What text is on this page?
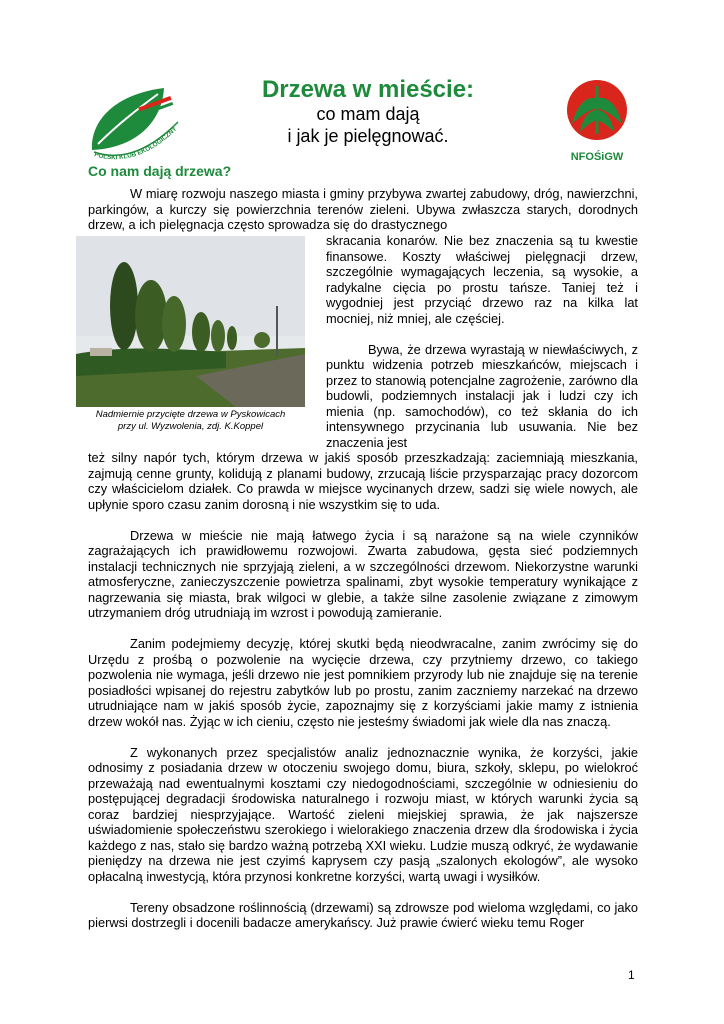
POLSKI KLUB EKOLOGICZNY
NFOŚiGW
Drzewa w mieście:
co mam dają
i jak je pielęgnować.
Co nam dają drzewa?

W miarę rozwoju naszego miasta i gminy przybywa zwartej zabudowy, dróg, nawierzchni, parkingów, a kurczy się powierzchnia terenów zieleni. Ubywa zwłaszcza starych, dorodnych drzew, a ich pielęgnacja często sprowadza się do drastycznego

Nadmiernie przycięte drzewa w Pyskowicach
przy ul. Wyzwolenia, zdj. K.Koppel

skracania konarów. Nie bez znaczenia są tu kwestie finansowe. Koszty właściwej pielęgnacji drzew, szczególnie wymagających leczenia, są wysokie, a radykalne cięcia po prostu tańsze. Taniej też i wygodniej jest przyciąć drzewo raz na kilka lat mocniej, niż mniej, ale częściej.

Bywa, że drzewa wyrastają w niewłaściwych, z punktu widzenia potrzeb mieszkańców, miejscach i przez to stanowią potencjalne zagrożenie, zarówno dla budowli, podziemnych instalacji jak i ludzi czy ich mienia (np. samochodów), co też skłania do ich intensywnego przycinania lub usuwania. Nie bez znaczenia jest

też silny napór tych, którym drzewa w jakiś sposób przeszkadzają: zaciemniają mieszkania, zajmują cenne grunty, kolidują z planami budowy, zrzucają liście przysparzając pracy dozorcom czy właścicielom działek. Co prawda w miejsce wycinanych drzew, sadzi się wiele nowych, ale upłynie sporo czasu zanim dorosną i nie wszystkim się to uda.

Drzewa w mieście nie mają łatwego życia i są narażone są na wiele czynników zagrażających ich prawidłowemu rozwojowi. Zwarta zabudowa, gęsta sieć podziemnych instalacji technicznych nie sprzyjają zieleni, a w szczególności drzewom. Niekorzystne warunki atmosferyczne, zanieczyszczenie powietrza spalinami, zbyt wysokie temperatury wynikające z nagrzewania się miasta, brak wilgoci w glebie, a także silne zasolenie związane z zimowym utrzymaniem dróg utrudniają im wzrost i powodują zamieranie.

Zanim podejmiemy decyzję, której skutki będą nieodwracalne, zanim zwrócimy się do Urzędu z prośbą o pozwolenie na wycięcie drzewa, czy przytniemy drzewo, co takiego pozwolenia nie wymaga, jeśli drzewo nie jest pomnikiem przyrody lub nie znajduje się na terenie posiadłości wpisanej do rejestru zabytków lub po prostu, zanim zaczniemy narzekać na drzewo utrudniające nam w jakiś sposób życie, zapoznajmy się z korzyściami jakie mamy z istnienia drzew wokół nas. Żyjąc w ich cieniu, często nie jesteśmy świadomi jak wiele dla nas znaczą.

Z wykonanych przez specjalistów analiz jednoznacznie wynika, że korzyści, jakie odnosimy z posiadania drzew w otoczeniu swojego domu, biura, szkoły, sklepu, po wielokroć przeważają nad ewentualnymi kosztami czy niedogodnościami, szczególnie w odniesieniu do postępującej degradacji środowiska naturalnego i rozwoju miast, w których warunki życia są coraz bardziej niesprzyjające. Wartość zieleni miejskiej sprawia, że jak najszersze uświadomienie społeczeństwu szerokiego i wielorakiego znaczenia drzew dla środowiska i życia każdego z nas, stało się bardzo ważną potrzebą XXI wieku. Ludzie muszą odkryć, że wydawanie pieniędzy na drzewa nie jest czyimś kaprysem czy pasją „szalonych ekologów”, ale wysoko opłacalną inwestycją, która przynosi konkretne korzyści, wartą uwagi i wysiłków.

Tereny obsadzone roślinnością (drzewami) są zdrowsze pod wieloma względami, co jako pierwsi dostrzegli i docenili badacze amerykańscy. Już prawie ćwierć wieku temu Roger

1
